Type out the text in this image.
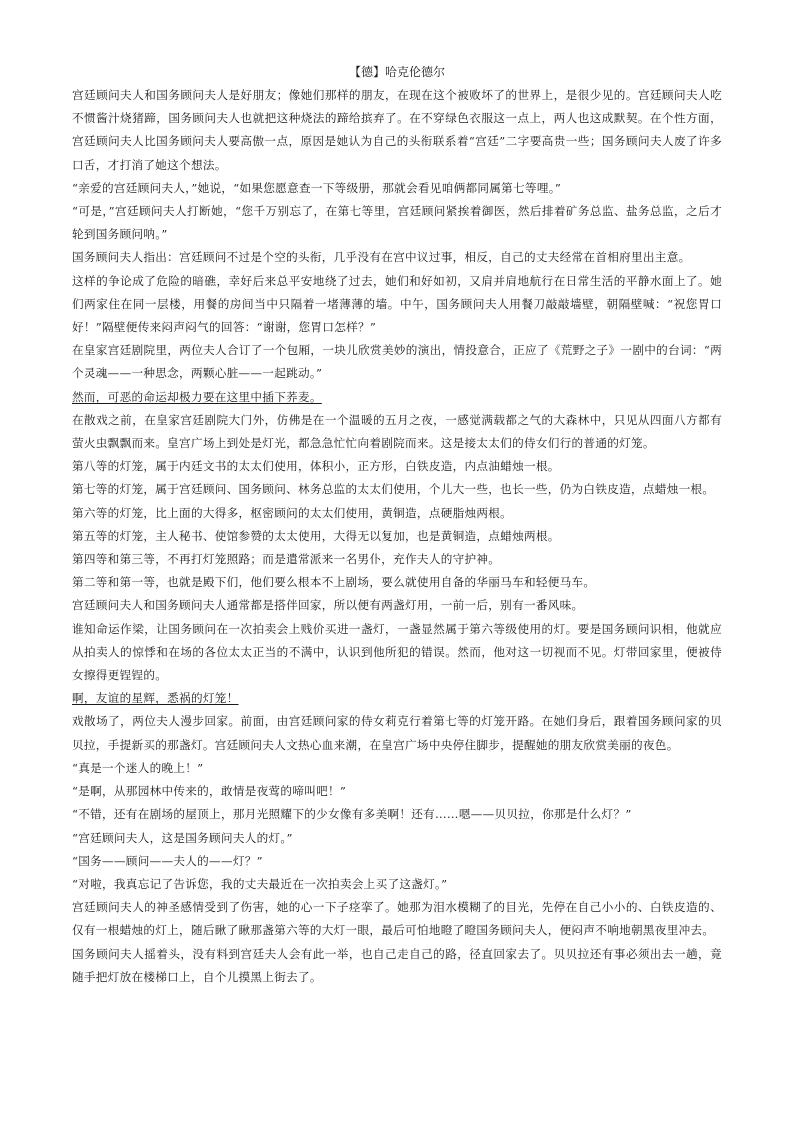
【德】哈克伦德尔

宫廷顾问夫人和国务顾问夫人是好朋友；像她们那样的朋友，在现在这个被败坏了的世界上，是很少见的。宫廷顾问夫人吃不惯酱汁烧猪蹄，国务顾问夫人也就把这种烧法的蹄给摈弃了。在不穿绿色衣服这一点上，两人也这成默契。在个性方面，宫廷顾问夫人比国务顾问夫人要高傲一点，原因是她认为自己的头衔联系着“宫廷”二字要高贵一些；国务顾问夫人废了许多口舌，才打消了她这个想法。

“亲爱的宫廷顾问夫人，”她说，“如果您愿意查一下等级册，那就会看见咱俩都同属第七等哩。”

“可是，”宫廷顾问夫人打断她，“您千万别忘了，在第七等里，宫廷顾问紧挨着御医，然后排着矿务总监、盐务总监，之后才轮到国务顾问呐。”

国务顾问夫人指出：宫廷顾问不过是个空的头衔，几乎没有在宫中议过事，相反，自己的丈夫经常在首相府里出主意。

这样的争论成了危险的暗礁，幸好后来总平安地绕了过去，她们和好如初，又肩并肩地航行在日常生活的平静水面上了。她们两家住在同一层楼，用餐的房间当中只隔着一堵薄薄的墙。中午，国务顾问夫人用餐刀敲敲墙壁，朝隔壁喊：“祝您胃口好！”隔壁便传来闷声闷气的回答：“谢谢，您胃口怎样？”

在皇家宫廷剧院里，两位夫人合订了一个包厢，一块儿欣赏美妙的演出，情投意合，正应了《荒野之子》一剧中的台词：“两个灵魂——一种思念，两颗心脏——一起跳动。”

然而，可恶的命运却极力要在这里中插下荞麦。

在散戏之前，在皇家宫廷剧院大门外，仿佛是在一个温暖的五月之夜，一感觉满载都之气的大森林中，只见从四面八方都有萤火虫飘飘而来。皇宫广场上到处是灯光，都急急忙忙向着剧院而来。这是接太太们的侍女们行的普通的灯笼。

第八等的灯笼，属于内廷文书的太太们使用，体积小，正方形，白铁皮造，内点油蜡烛一根。

第七等的灯笼，属于宫廷顾问、国务顾问、林务总监的太太们使用，个儿大一些，也长一些，仍为白铁皮造，点蜡烛一根。

第六等的灯笼，比上面的大得多，枢密顾问的太太们使用，黄铜造，点硬脂烛两根。

第五等的灯笼，主人秘书、使馆参赞的太太使用，大得无以复加，也是黄铜造，点蜡烛两根。

第四等和第三等，不再打灯笼照路；而是遣常派来一名男仆，充作夫人的守护神。

第二等和第一等，也就是殿下们，他们要么根本不上剧场，要么就使用自备的华丽马车和轻便马车。

宫廷顾问夫人和国务顾问夫人通常都是搭伴回家，所以便有两盏灯用，一前一后，别有一番风味。

谁知命运作梁，让国务顾问在一次拍卖会上贱价买进一盏灯，一盏显然属于第六等级使用的灯。要是国务顾问识相，他就应从拍卖人的惊悸和在场的各位太太正当的不满中，认识到他所犯的错误。然而，他对这一切视而不见。灯带回家里，便被侍女擦得更锃锃的。

啊，友谊的星辉，悉祸的灯笼！

戏散场了，两位夫人漫步回家。前面，由宫廷顾问家的侍女莉克行着第七等的灯笼开路。在她们身后，跟着国务顾问家的贝贝拉，手提新买的那盏灯。宫廷顾问夫人文热心血来潮，在皇宫广场中央停住脚步，提醒她的朋友欣赏美丽的夜色。

“真是一个迷人的晚上！”

“是啊，从那园林中传来的，敢情是夜莺的啼叫吧！”

“不错，还有在剧场的屋顶上，那月光照耀下的少女像有多美啊！还有……嗯——贝贝拉，你那是什么灯？”

“宫廷顾问夫人，这是国务顾问夫人的灯。”

“国务——顾问——夫人的——灯？”

“对啦，我真忘记了告诉您，我的丈夫最近在一次拍卖会上买了这盏灯。”

宫廷顾问夫人的神圣感情受到了伤害，她的心一下子痉挛了。她那为泪水模糊了的目光，先停在自己小小的、白铁皮造的、仅有一根蜡烛的灯上，随后瞅了瞅那盏第六等的大灯一眼，最后可怕地瞪了瞪国务顾问夫人，便闷声不响地朝黑夜里冲去。

国务顾问夫人摇着头，没有料到宫廷夫人会有此一举，也自己走自己的路，径直回家去了。贝贝拉还有事必须出去一趟，竟随手把灯放在楼梯口上，自个儿摸黑上街去了。
